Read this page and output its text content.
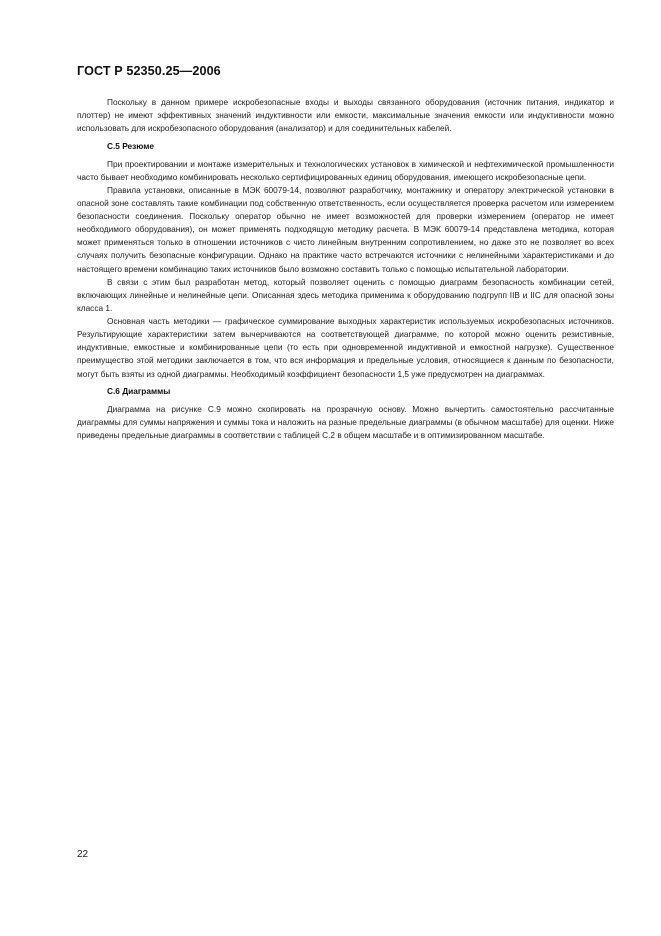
ГОСТ Р 52350.25—2006

Поскольку в данном примере искробезопасные входы и выходы связанного оборудования (источник питания, индикатор и плоттер) не имеют эффективных значений индуктивности или емкости, максимальные значения емкости или индуктивности можно использовать для искробезопасного оборудования (анализатор) и для соединительных кабелей.

С.5 Резюме

При проектировании и монтаже измерительных и технологических установок в химической и нефтехимической промышленности часто бывает необходимо комбинировать несколько сертифицированных единиц оборудования, имеющего искробезопасные цепи.

Правила установки, описанные в МЭК 60079-14, позволяют разработчику, монтажнику и оператору электрической установки в опасной зоне составлять такие комбинации под собственную ответственность, если осуществляется проверка расчетом или измерением безопасности соединения. Поскольку оператор обычно не имеет возможностей для проверки измерением (оператор не имеет необходимого оборудования), он может применять подходящую методику расчета. В МЭК 60079-14 представлена методика, которая может применяться только в отношении источников с чисто линейным внутренним сопротивлением, но даже это не позволяет во всех случаях получить безопасные конфигурации. Однако на практике часто встречаются источники с нелинейными характеристиками и до настоящего времени комбинацию таких источников было возможно составить только с помощью испытательной лаборатории.

В связи с этим был разработан метод, который позволяет оценить с помощью диаграмм безопасность комбинации сетей, включающих линейные и нелинейные цепи. Описанная здесь методика применима к оборудованию подгрупп IIB и IIC для опасной зоны класса 1.

Основная часть методики — графическое суммирование выходных характеристик используемых искробезопасных источников. Результирующие характеристики затем вычерчиваются на соответствующей диаграмме, по которой можно оценить резистивные, индуктивные, емкостные и комбинированные цепи (то есть при одновременной индуктивной и емкостной нагрузке). Существенное преимущество этой методики заключается в том, что вся информация и предельные условия, относящиеся к данным по безопасности, могут быть взяты из одной диаграммы. Необходимый коэффициент безопасности 1,5 уже предусмотрен на диаграммах.

С.6 Диаграммы

Диаграмма на рисунке С.9 можно скопировать на прозрачную основу. Можно вычертить самостоятельно рассчитанные диаграммы для суммы напряжения и суммы тока и наложить на разные предельные диаграммы (в обычном масштабе) для оценки. Ниже приведены предельные диаграммы в соответствии с таблицей С.2 в общем масштабе и в оптимизированном масштабе.

22
